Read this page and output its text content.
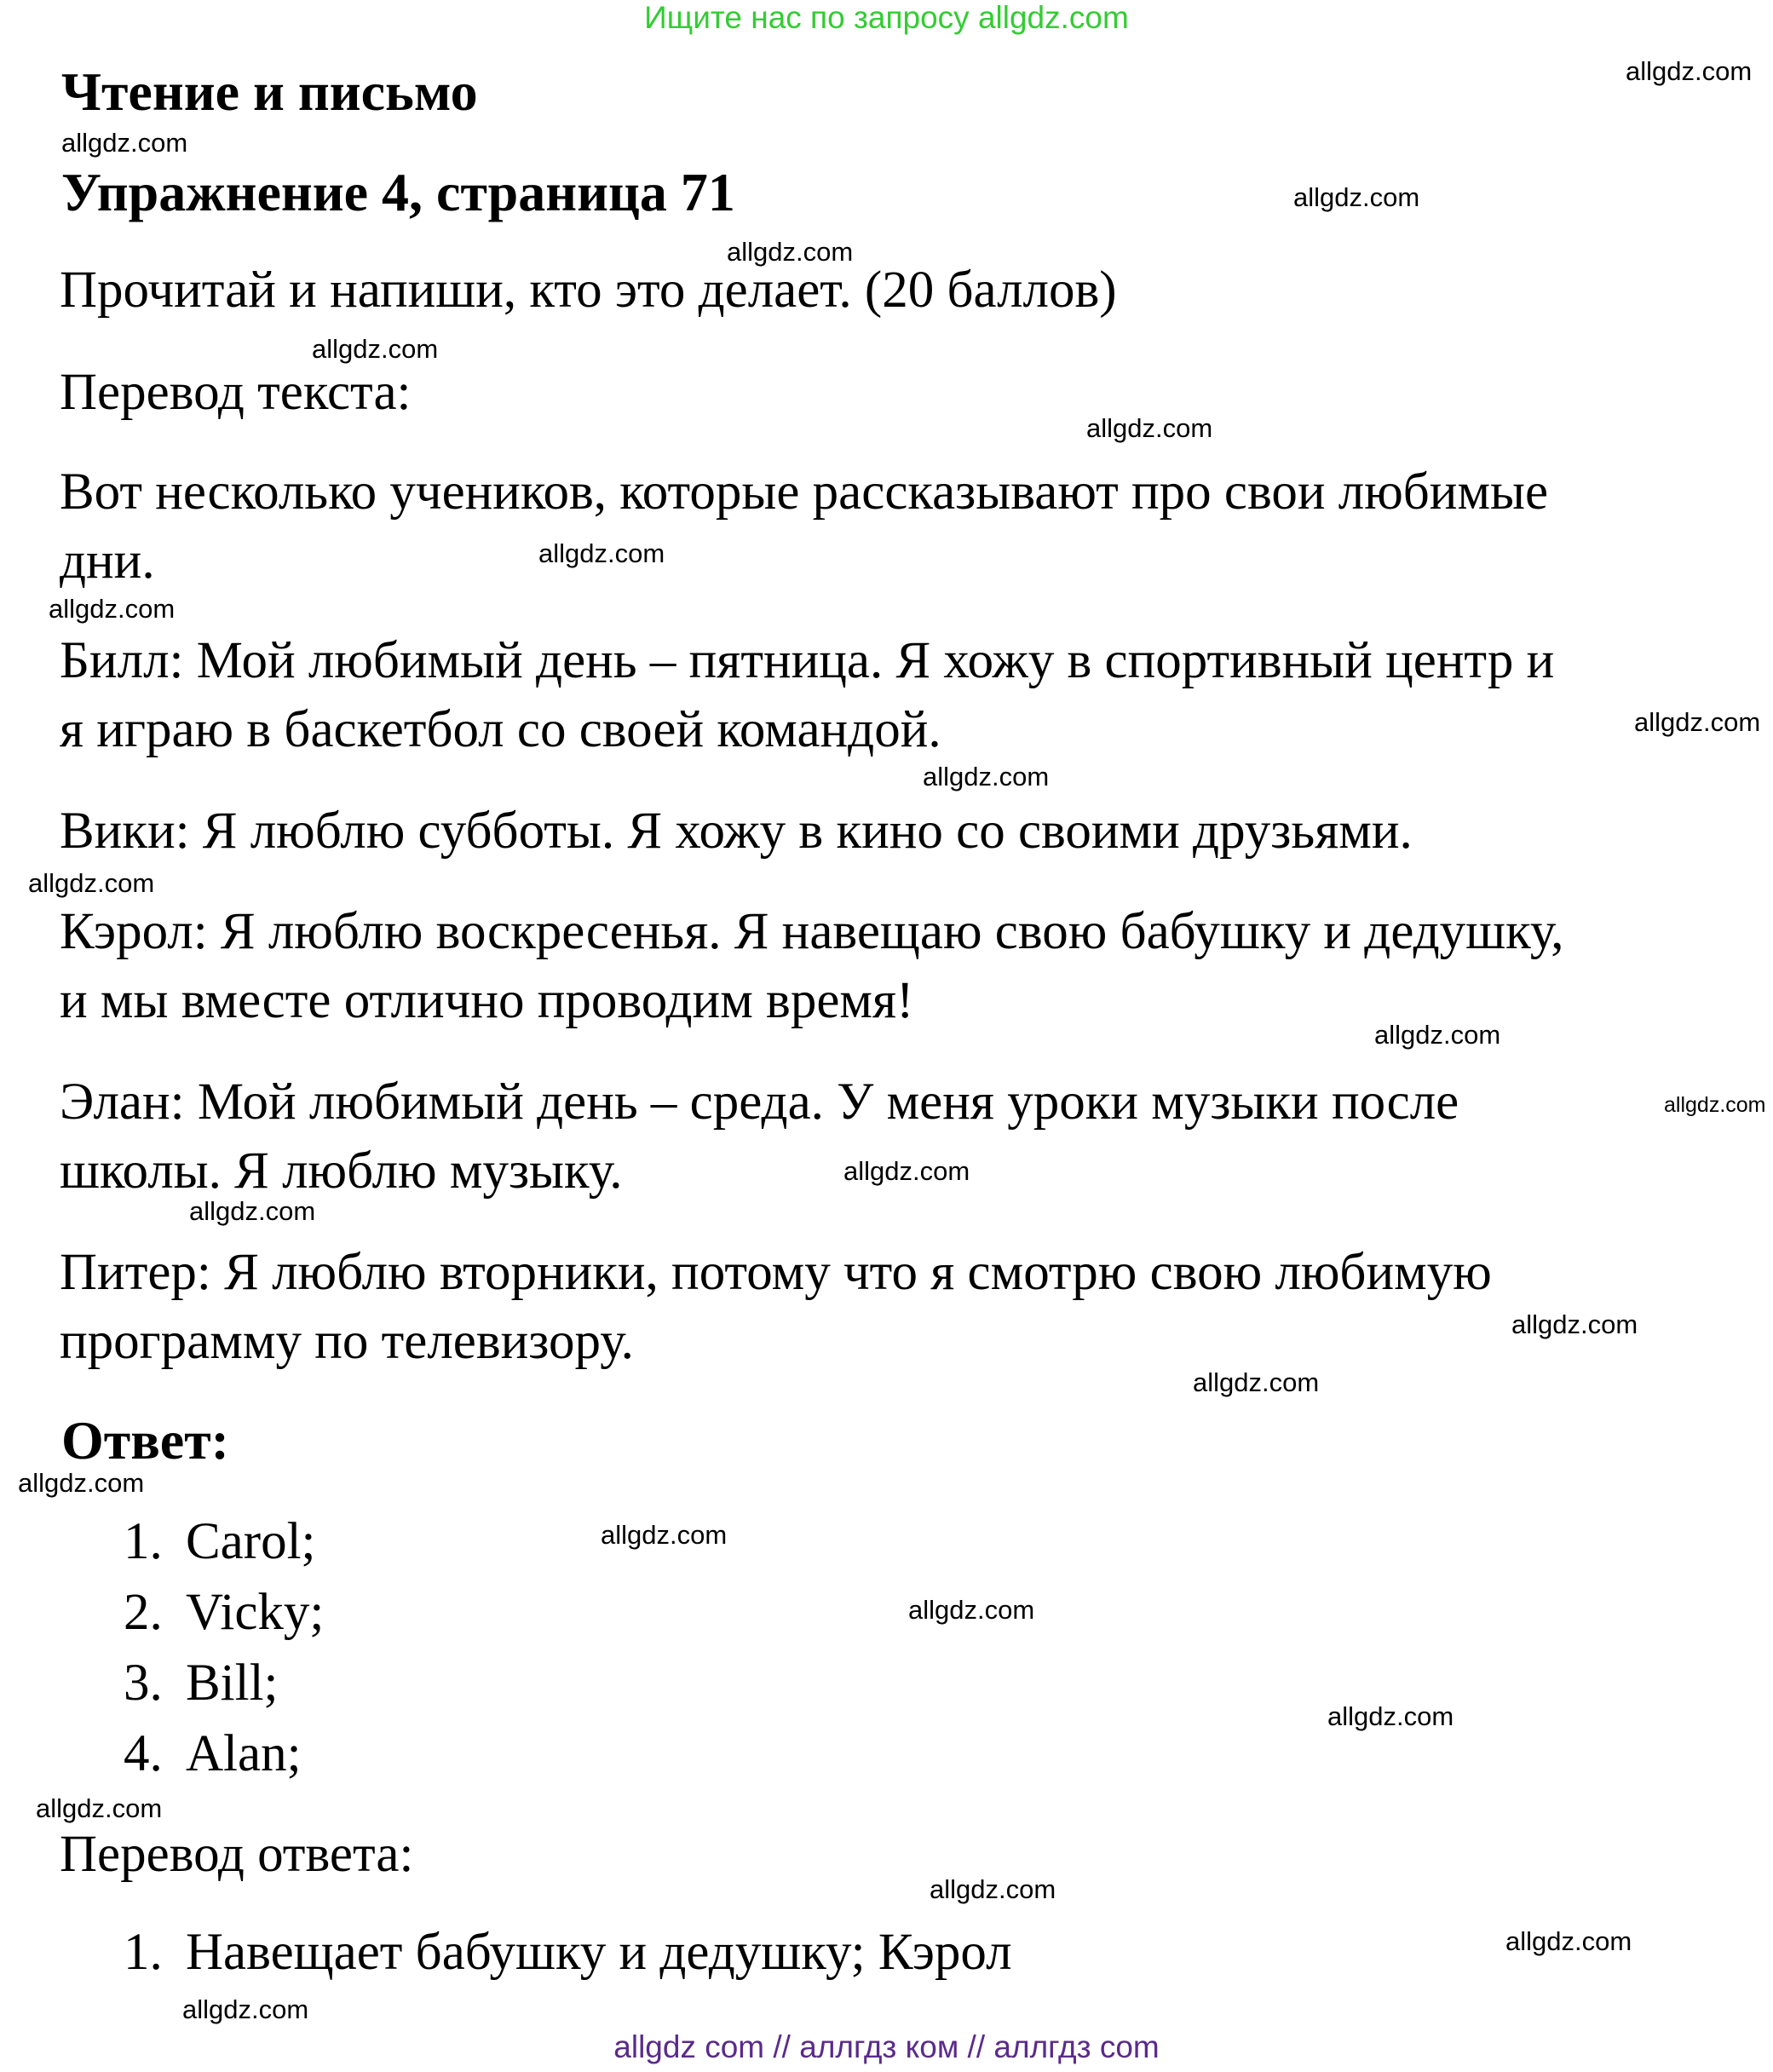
Ищите нас по запросу allgdz.com

Чтение и письмо

Упражнение 4, страница 71

Прочитай и напиши, кто это делает. (20 баллов)

Перевод текста:

Вот несколько учеников, которые рассказывают про свои любимые

дни.

Билл: Мой любимый день – пятница. Я хожу в спортивный центр и

я играю в баскетбол со своей командой.

Вики: Я люблю субботы. Я хожу в кино со своими друзьями.

Кэрол: Я люблю воскресенья. Я навещаю свою бабушку и дедушку,

и мы вместе отлично проводим время!

Элан: Мой любимый день – среда. У меня уроки музыки после

школы. Я люблю музыку.

Питер: Я люблю вторники, потому что я смотрю свою любимую

программу по телевизору.

Ответ:

1. Carol;
2. Vicky;
3. Bill;
4. Alan;

Перевод ответа:

1. Навещает бабушку и дедушку; Кэрол
allgdz.com
allgdz.com
allgdz.com
allgdz.com
allgdz.com
allgdz.com
allgdz.com
allgdz.com
allgdz.com
allgdz.com
allgdz.com
allgdz.com
allgdz.com
allgdz.com
allgdz.com
allgdz.com
allgdz.com
allgdz.com
allgdz.com
allgdz.com
allgdz.com
allgdz.com
allgdz.com
allgdz.com
allgdz.com
allgdz com // аллгдз ком // аллгдз com
